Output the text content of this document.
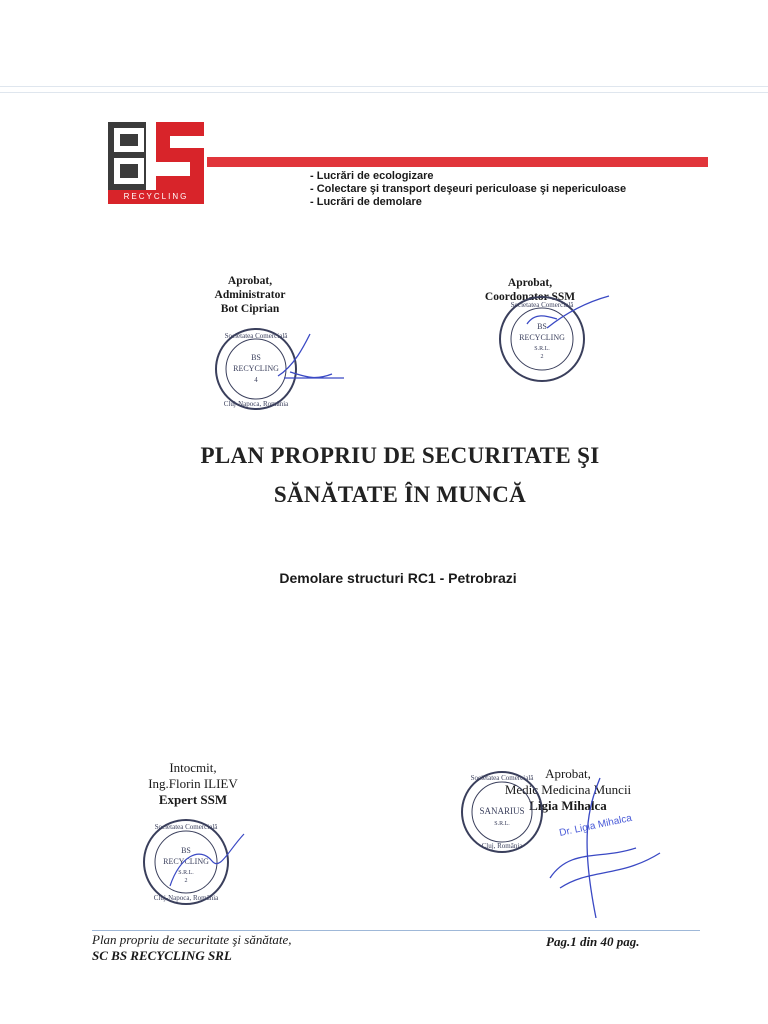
RECYCLING
- Lucrări de ecologizare
- Colectare şi transport deşeuri periculoase şi nepericuloase
- Lucrări de demolare
Aprobat,
Administrator
Bot Ciprian
Societatea Comercială
BS
RECYCLING
4
Cluj-Napoca, România
Aprobat,
Coordonator SSM
Societatea Comercială
BS
RECYCLING
S.R.L.
2
PLAN PROPRIU DE SECURITATE ŞI
SĂNĂTATE ÎN MUNCĂ
Demolare structuri RC1 - Petrobrazi
Intocmit,
Ing.Florin ILIEV
Expert SSM
Societatea Comercială
BS
RECYCLING
S.R.L.
2
Cluj-Napoca, România
Aprobat,
Medic Medicina Muncii
Ligia Mihalca
Societatea Comercială
SANARIUS
S.R.L.
Cluj, România
Dr. Ligia Mihalca
Plan propriu de securitate şi sănătate,
SC BS RECYCLING SRL
Pag.1 din 40 pag.
